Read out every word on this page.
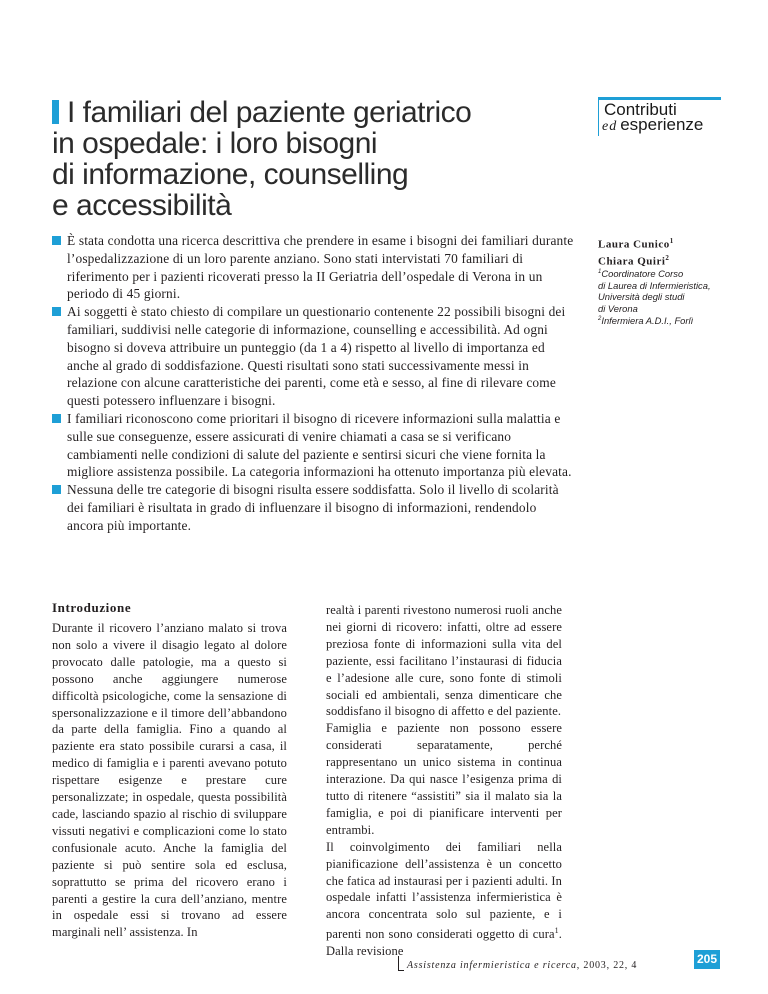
I familiari del paziente geriatrico
in ospedale: i loro bisogni
di informazione, counselling
e accessibilità
Contributi
ed esperienze

È stata condotta una ricerca descrittiva che prendere in esame i bisogni dei familiari durante l’ospedalizzazione di un loro parente anziano. Sono stati intervistati 70 familiari di riferimento per i pazienti ricoverati presso la II Geriatria dell’ospedale di Verona in un periodo di 45 giorni.

Ai soggetti è stato chiesto di compilare un questionario contenente 22 possibili bisogni dei familiari, suddivisi nelle categorie di informazione, counselling e accessibilità. Ad ogni bisogno si doveva attribuire un punteggio (da 1 a 4) rispetto al livello di importanza ed anche al grado di soddisfazione. Questi risultati sono stati successivamente messi in relazione con alcune caratteristiche dei parenti, come età e sesso, al fine di rilevare come questi potessero influenzare i bisogni.

I familiari riconoscono come prioritari il bisogno di ricevere informazioni sulla malattia e sulle sue conseguenze, essere assicurati di venire chiamati a casa se si verificano cambiamenti nelle condizioni di salute del paziente e sentirsi sicuri che viene fornita la migliore assistenza possibile. La categoria informazioni ha ottenuto importanza più elevata.

Nessuna delle tre categorie di bisogni risulta essere soddisfatta. Solo il livello di scolarità dei familiari è risultata in grado di influenzare il bisogno di informazioni, rendendolo ancora più importante.

Laura Cunico$^1$
Chiara Quiri$^2$
$^1$Coordinatore Corso
di Laurea di Infermieristica,
Università degli studi
di Verona
$^2$Infermiera A.D.I., Forlì
Introduzione

Durante il ricovero l’anziano malato si trova non solo a vivere il disagio legato al dolore provocato dalle patologie, ma a questo si possono anche aggiungere numerose difficoltà psicologiche, come la sensazione di spersonalizzazione e il timore dell’abbandono da parte della famiglia. Fino a quando al paziente era stato possibile curarsi a casa, il medico di famiglia e i parenti avevano potuto rispettare esigenze e prestare cure personalizzate; in ospedale, questa possibilità cade, lasciando spazio al rischio di sviluppare vissuti negativi e complicazioni come lo stato confusionale acuto. Anche la famiglia del paziente si può sentire sola ed esclusa, soprattutto se prima del ricovero erano i parenti a gestire la cura dell’anziano, mentre in ospedale essi si trovano ad essere marginali nell’ assistenza. In

realtà i parenti rivestono numerosi ruoli anche nei giorni di ricovero: infatti, oltre ad essere preziosa fonte di informazioni sulla vita del paziente, essi facilitano l’instaurasi di fiducia e l’adesione alle cure, sono fonte di stimoli sociali ed ambientali, senza dimenticare che soddisfano il bisogno di affetto e del paziente.

Famiglia e paziente non possono essere considerati separatamente, perché rappresentano un unico sistema in continua interazione. Da qui nasce l’esigenza prima di tutto di ritenere “assistiti” sia il malato sia la famiglia, e poi di pianificare interventi per entrambi.

Il coinvolgimento dei familiari nella pianificazione dell’assistenza è un concetto che fatica ad instaurasi per i pazienti adulti. In ospedale infatti l’assistenza infermieristica è ancora concentrata solo sul paziente, e i parenti non sono considerati oggetto di cura$^1$. Dalla revisione

Assistenza infermieristica e ricerca, 2003, 22, 4	205
